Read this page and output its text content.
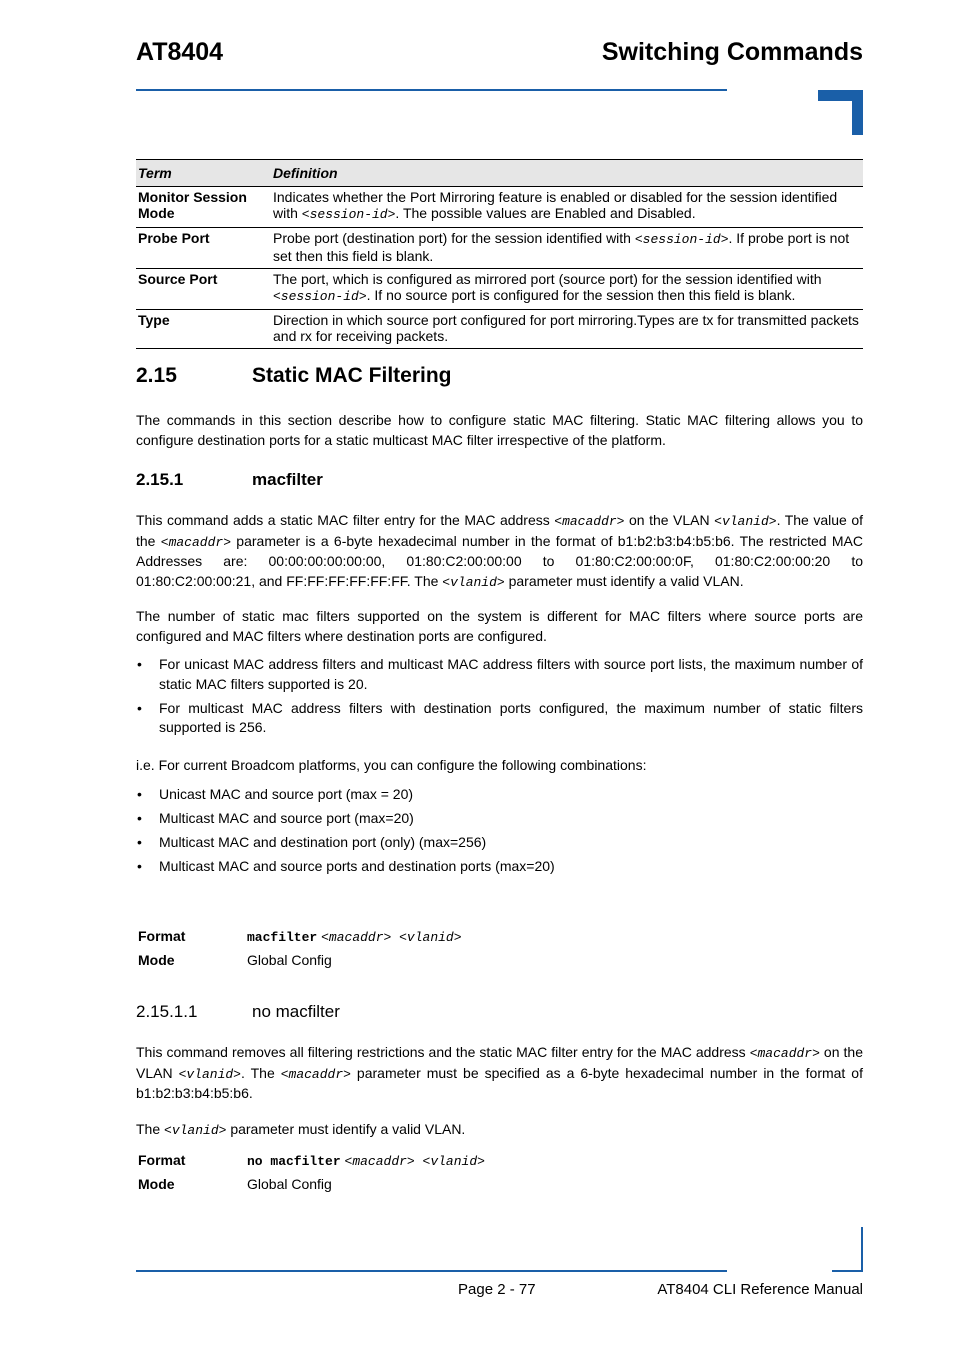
AT8404	Switching Commands
Term	Definition
Monitor Session Mode	Indicates whether the Port Mirroring feature is enabled or disabled for the session identified with <session-id>. The possible values are Enabled and Disabled.
Probe Port	Probe port (destination port) for the session identified with <session-id>. If probe port is not set then this field is blank.
Source Port	The port, which is configured as mirrored port (source port) for the session identified with <session-id>. If no source port is configured for the session then this field is blank.
Type	Direction in which source port configured for port mirroring.Types are tx for transmitted packets and rx for receiving packets.
2.15	Static MAC Filtering

The commands in this section describe how to configure static MAC filtering. Static MAC filtering allows you to configure destination ports for a static multicast MAC filter irrespective of the platform.

2.15.1	macfilter

This command adds a static MAC filter entry for the MAC address <macaddr> on the VLAN <vlanid>. The value of the <macaddr> parameter is a 6-byte hexadecimal number in the format of b1:b2:b3:b4:b5:b6. The restricted MAC Addresses are: 00:00:00:00:00:00, 01:80:C2:00:00:00 to 01:80:C2:00:00:0F, 01:80:C2:00:00:20 to 01:80:C2:00:00:21, and FF:FF:FF:FF:FF:FF. The <vlanid> parameter must identify a valid VLAN.

The number of static mac filters supported on the system is different for MAC filters where source ports are configured and MAC filters where destination ports are configured.

• For unicast MAC address filters and multicast MAC address filters with source port lists, the maximum number of static MAC filters supported is 20.
• For multicast MAC address filters with destination ports configured, the maximum number of static filters supported is 256.

i.e. For current Broadcom platforms, you can configure the following combinations:

• Unicast MAC and source port (max = 20)
• Multicast MAC and source port (max=20)
• Multicast MAC and destination port (only) (max=256)
• Multicast MAC and source ports and destination ports (max=20)
Format	macfilter <macaddr> <vlanid>
Mode	Global Config
2.15.1.1	no macfilter

This command removes all filtering restrictions and the static MAC filter entry for the MAC address <macaddr> on the VLAN <vlanid>. The <macaddr> parameter must be specified as a 6-byte hexadecimal number in the format of b1:b2:b3:b4:b5:b6.

The <vlanid> parameter must identify a valid VLAN.

Format	no macfilter <macaddr> <vlanid>
Mode	Global Config
Page 2 - 77	AT8404 CLI Reference Manual
